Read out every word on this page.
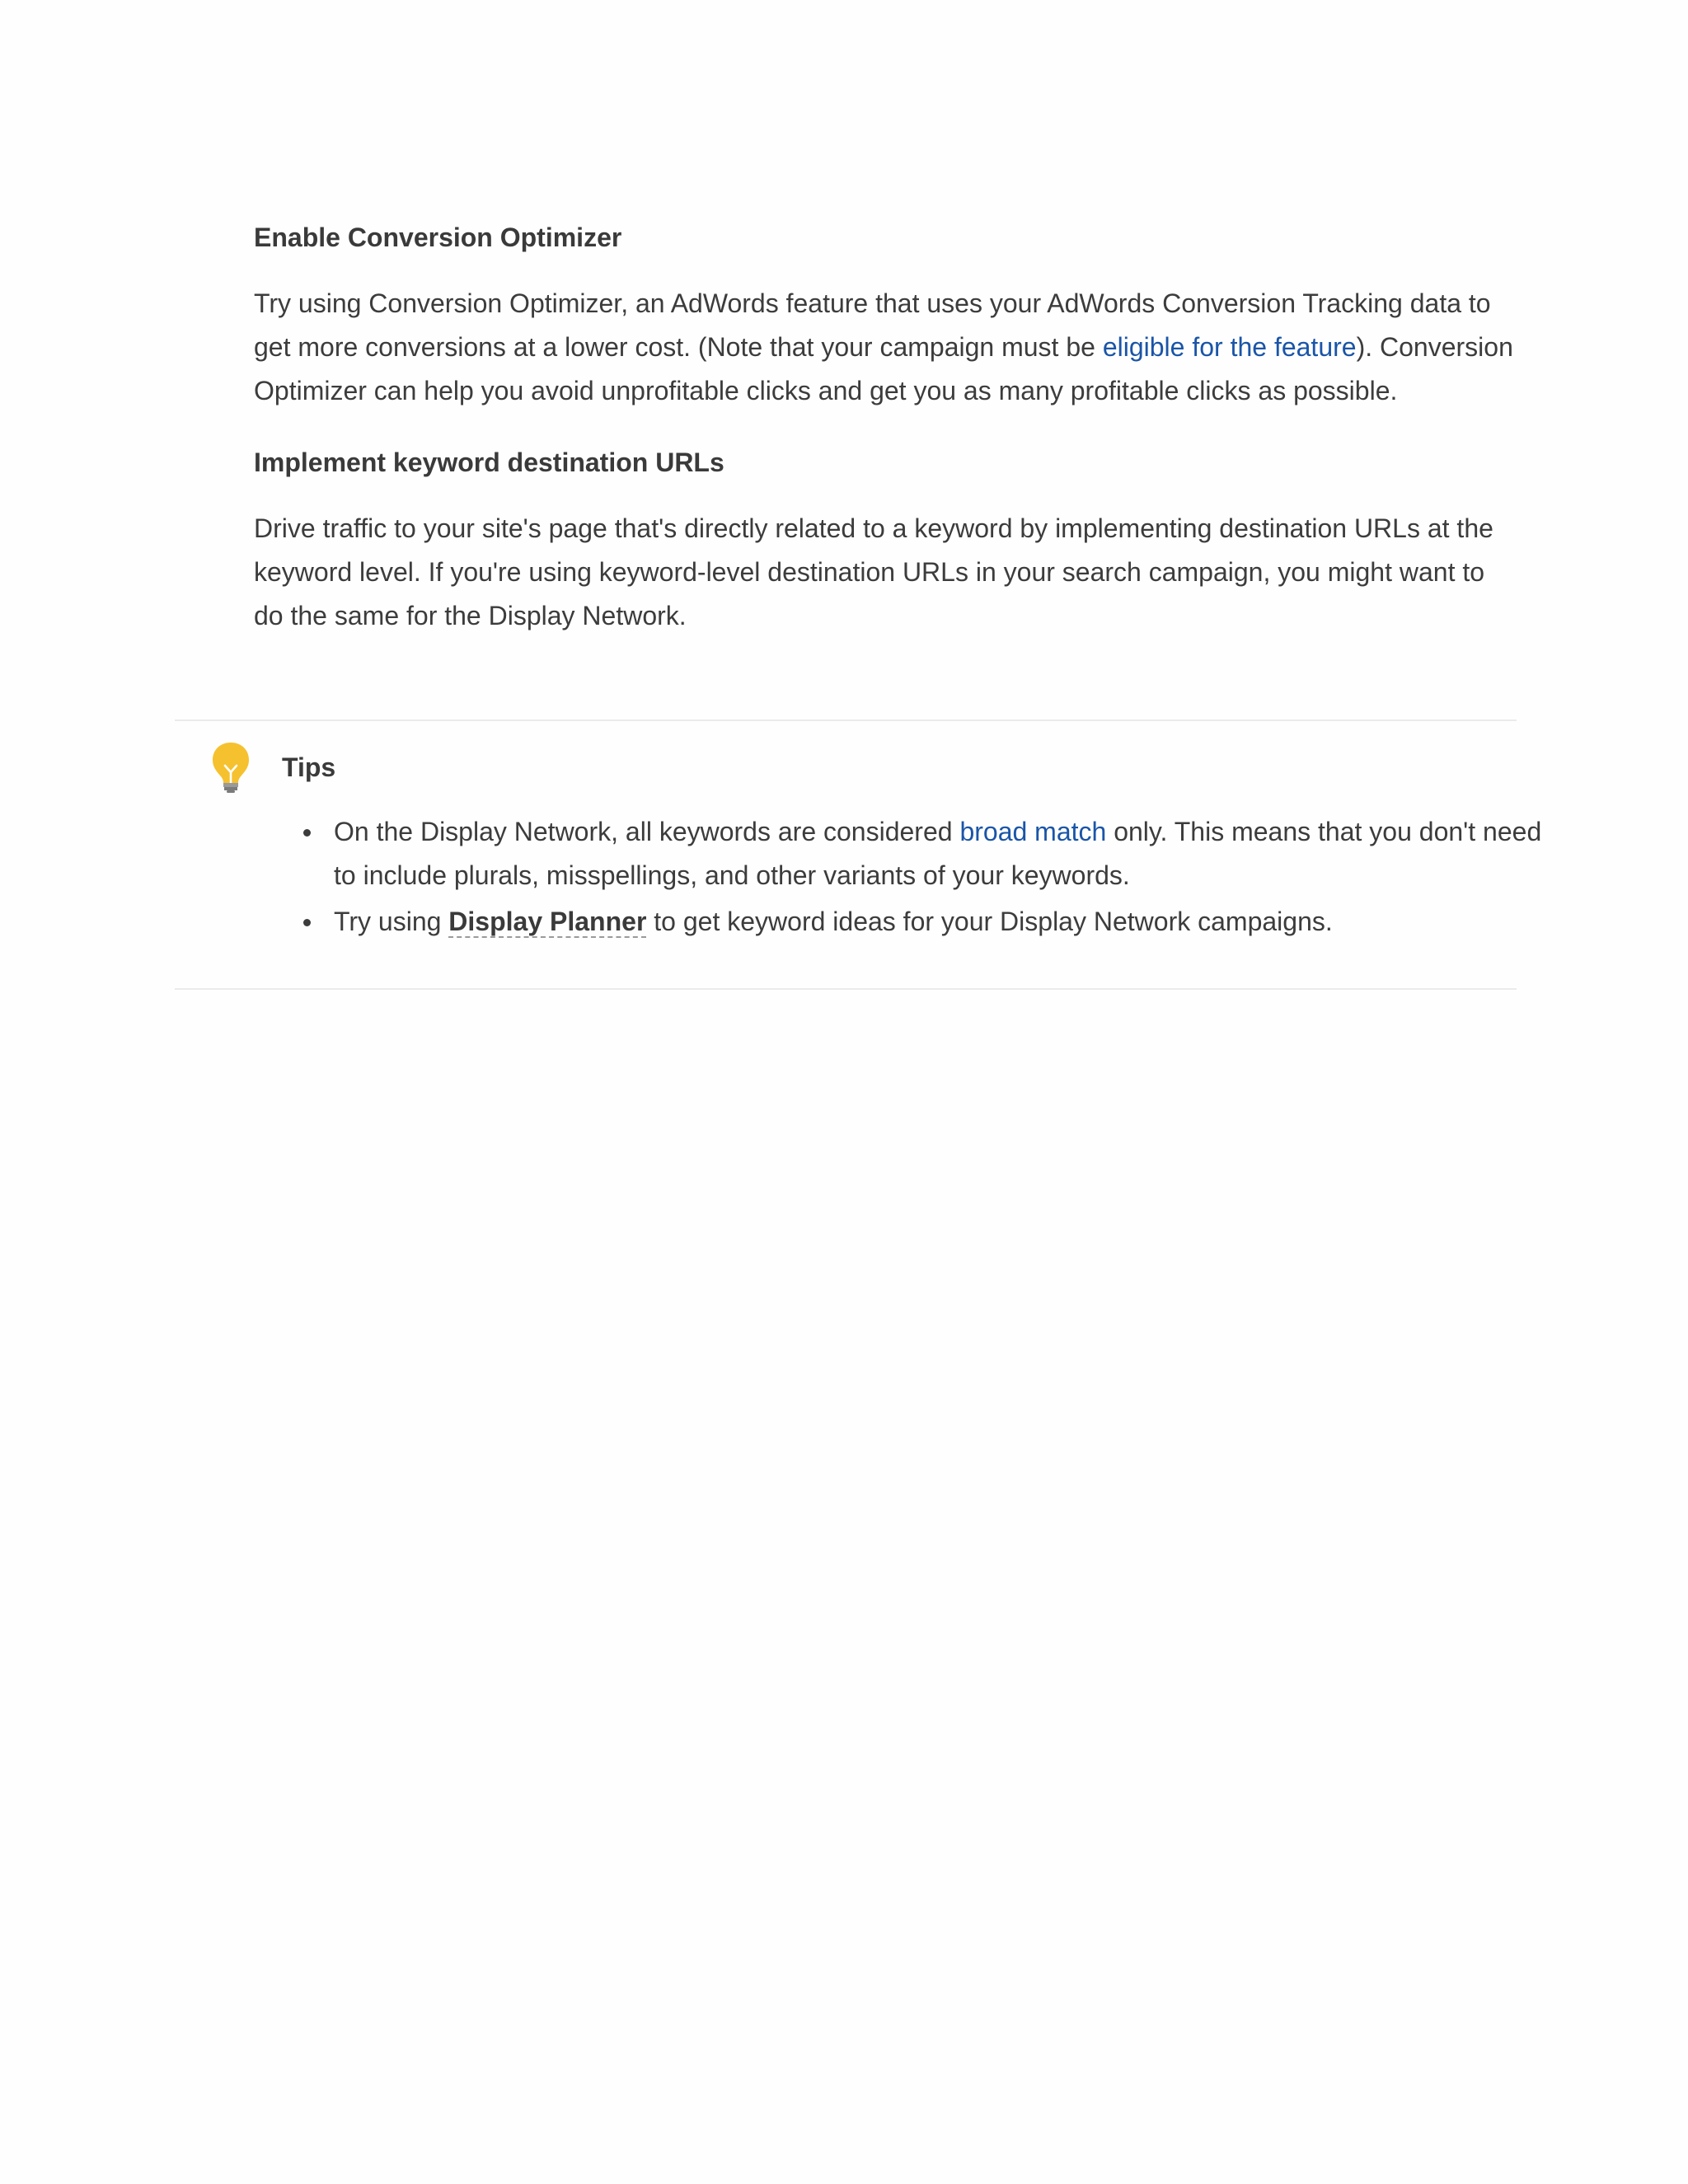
Enable Conversion Optimizer

Try using Conversion Optimizer, an AdWords feature that uses your AdWords Conversion Tracking data to get more conversions at a lower cost. (Note that your campaign must be eligible for the feature). Conversion Optimizer can help you avoid unprofitable clicks and get you as many profitable clicks as possible.

Implement keyword destination URLs

Drive traffic to your site's page that's directly related to a keyword by implementing destination URLs at the keyword level. If you're using keyword-level destination URLs in your search campaign, you might want to do the same for the Display Network.

Tips
On the Display Network, all keywords are considered broad match only. This means that you don't need to include plurals, misspellings, and other variants of your keywords.
Try using Display Planner to get keyword ideas for your Display Network campaigns.
